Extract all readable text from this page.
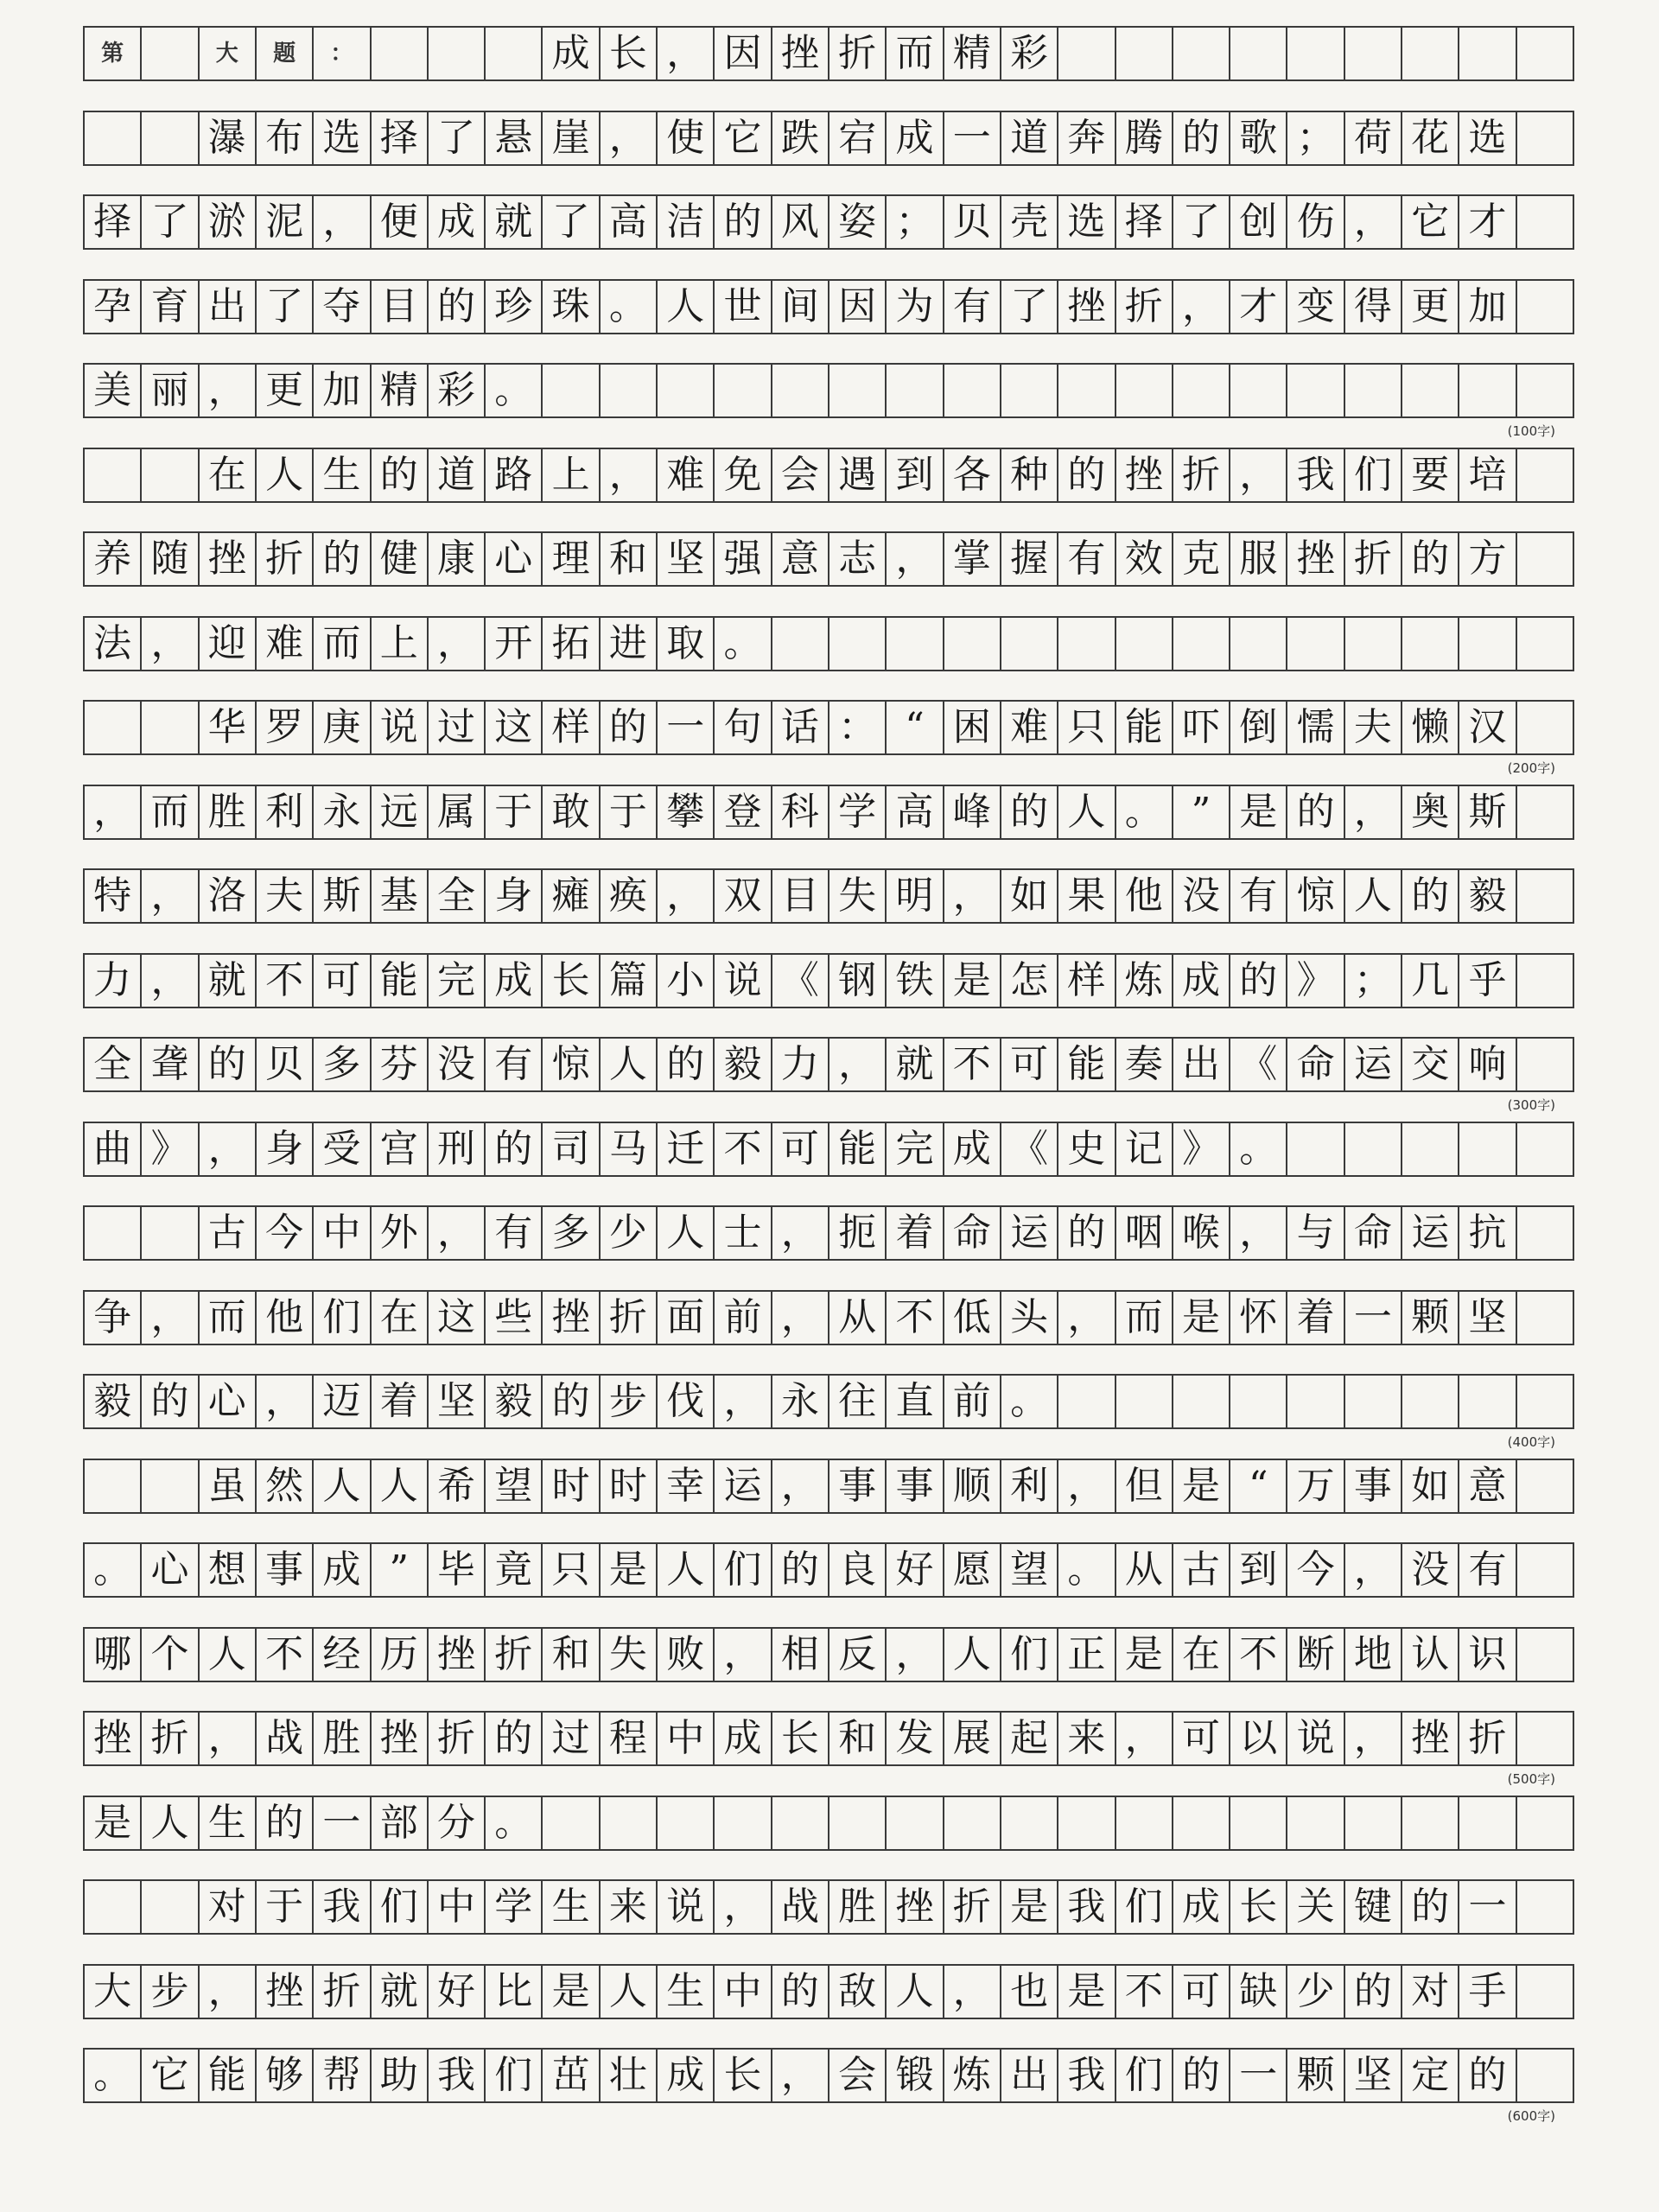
第	大	题	：	成 长 ， 因 挫 折 而 精 彩
瀑 布 选 择 了 悬 崖 ， 使 它 跌 宕 成 一 道 奔 腾 的 歌 ； 荷 花 选
择 了 淤 泥 ， 便 成 就 了 高 洁 的 风 姿 ； 贝 壳 选 择 了 创 伤 ， 它 才
孕 育 出 了 夺 目 的 珍 珠 。 人 世 间 因 为 有 了 挫 折 ， 才 变 得 更 加
美 丽 ， 更 加 精 彩 。
在 人 生 的 道 路 上 ， 难 免 会 遇 到 各 种 的 挫 折 ， 我 们 要 培
养 随 挫 折 的 健 康 心 理 和 坚 强 意 志 ， 掌 握 有 效 克 服 挫 折 的 方
法 ， 迎 难 而 上 ， 开 拓 进 取 。
华 罗 庚 说 过 这 样 的 一 句 话 ： “ 困 难 只 能 吓 倒 懦 夫 懒 汉
， 而 胜 利 永 远 属 于 敢 于 攀 登 科 学 高 峰 的 人 。 ” 是 的 ， 奥 斯
特 ， 洛 夫 斯 基 全 身 瘫 痪 ， 双 目 失 明 ， 如 果 他 没 有 惊 人 的 毅
力 ， 就 不 可 能 完 成 长 篇 小 说 《 钢 铁 是 怎 样 炼 成 的 》 ； 几 乎
全 聋 的 贝 多 芬 没 有 惊 人 的 毅 力 ， 就 不 可 能 奏 出 《 命 运 交 响
曲 》 ， 身 受 宫 刑 的 司 马 迁 不 可 能 完 成 《 史 记 》 。
古 今 中 外 ， 有 多 少 人 士 ， 扼 着 命 运 的 咽 喉 ， 与 命 运 抗
争 ， 而 他 们 在 这 些 挫 折 面 前 ， 从 不 低 头 ， 而 是 怀 着 一 颗 坚
毅 的 心 ， 迈 着 坚 毅 的 步 伐 ， 永 往 直 前 。
虽 然 人 人 希 望 时 时 幸 运 ， 事 事 顺 利 ， 但 是 “ 万 事 如 意
。 心 想 事 成 ” 毕 竟 只 是 人 们 的 良 好 愿 望 。 从 古 到 今 ， 没 有
哪 个 人 不 经 历 挫 折 和 失 败 ， 相 反 ， 人 们 正 是 在 不 断 地 认 识
挫 折 ， 战 胜 挫 折 的 过 程 中 成 长 和 发 展 起 来 ， 可 以 说 ， 挫 折
是 人 生 的 一 部 分 。
对 于 我 们 中 学 生 来 说 ， 战 胜 挫 折 是 我 们 成 长 关 键 的 一
大 步 ， 挫 折 就 好 比 是 人 生 中 的 敌 人 ， 也 是 不 可 缺 少 的 对 手
。 它 能 够 帮 助 我 们 茁 壮 成 长 ， 会 锻 炼 出 我 们 的 一 颗 坚 定 的
(100字)
(200字)
(300字)
(400字)
(500字)
(600字)
